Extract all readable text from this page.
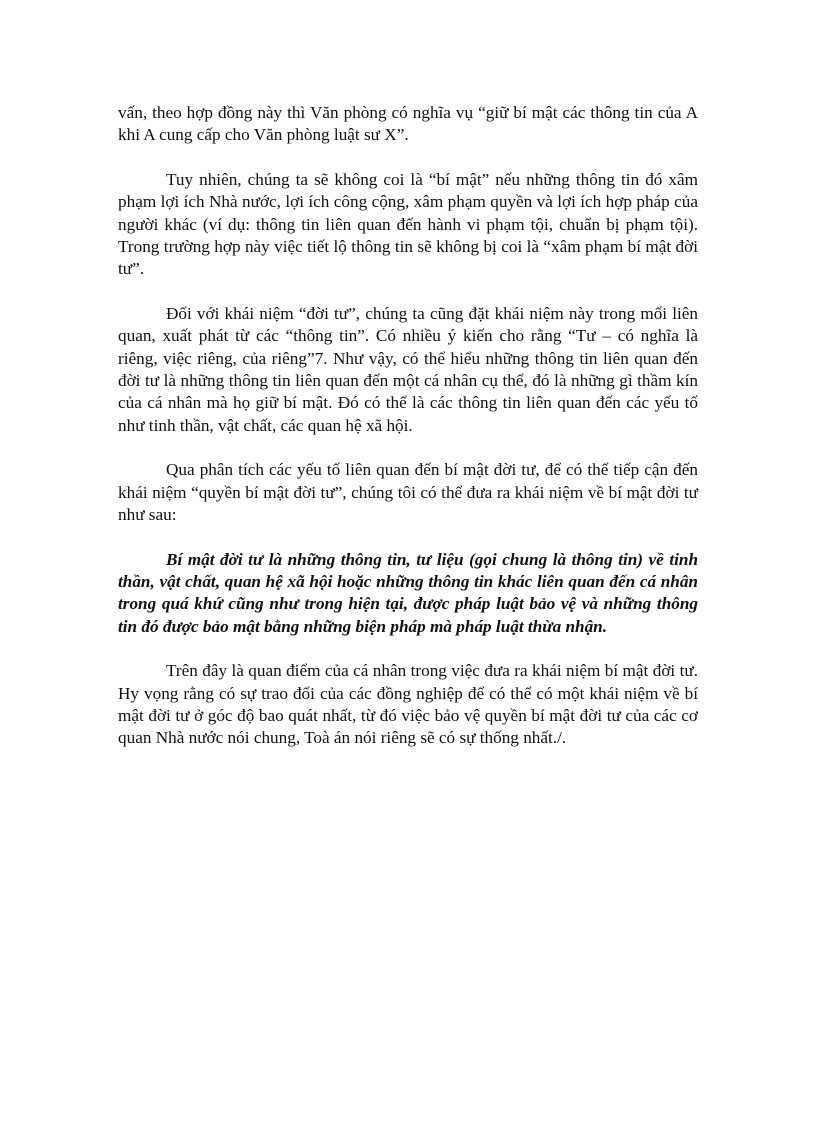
vấn, theo hợp đồng này thì Văn phòng có nghĩa vụ “giữ bí mật các thông tin của A khi A cung cấp cho Văn phòng luật sư X”.

Tuy nhiên, chúng ta sẽ không coi là “bí mật” nếu những thông tin đó xâm phạm lợi ích Nhà nước, lợi ích công cộng, xâm phạm quyền và lợi ích hợp pháp của người khác (ví dụ: thông tin liên quan đến hành vi phạm tội, chuẩn bị phạm tội). Trong trường hợp này việc tiết lộ thông tin sẽ không bị coi là “xâm phạm bí mật đời tư”.

Đối với khái niệm “đời tư”, chúng ta cũng đặt khái niệm này trong mối liên quan, xuất phát từ các “thông tin”. Có nhiều ý kiến cho rằng “Tư – có nghĩa là riêng, việc riêng, của riêng”7. Như vậy, có thể hiểu những thông tin liên quan đến đời tư là những thông tin liên quan đến một cá nhân cụ thể, đó là những gì thầm kín của cá nhân mà họ giữ bí mật. Đó có thể là các thông tin liên quan đến các yếu tố như tinh thần, vật chất, các quan hệ xã hội.

Qua phân tích các yếu tố liên quan đến bí mật đời tư, để có thể tiếp cận đến khái niệm “quyền bí mật đời tư”, chúng tôi có thể đưa ra khái niệm về bí mật đời tư như sau:

Bí mật đời tư là những thông tin, tư liệu (gọi chung là thông tin) về tinh thần, vật chất, quan hệ xã hội hoặc những thông tin khác liên quan đến cá nhân trong quá khứ cũng như trong hiện tại, được pháp luật bảo vệ và những thông tin đó được bảo mật bằng những biện pháp mà pháp luật thừa nhận.

Trên đây là quan điểm của cá nhân trong việc đưa ra khái niệm bí mật đời tư. Hy vọng rằng có sự trao đổi của các đồng nghiệp để có thể có một khái niệm về bí mật đời tư ở góc độ bao quát nhất, từ đó việc bảo vệ quyền bí mật đời tư của các cơ quan Nhà nước nói chung, Toà án nói riêng sẽ có sự thống nhất./.
